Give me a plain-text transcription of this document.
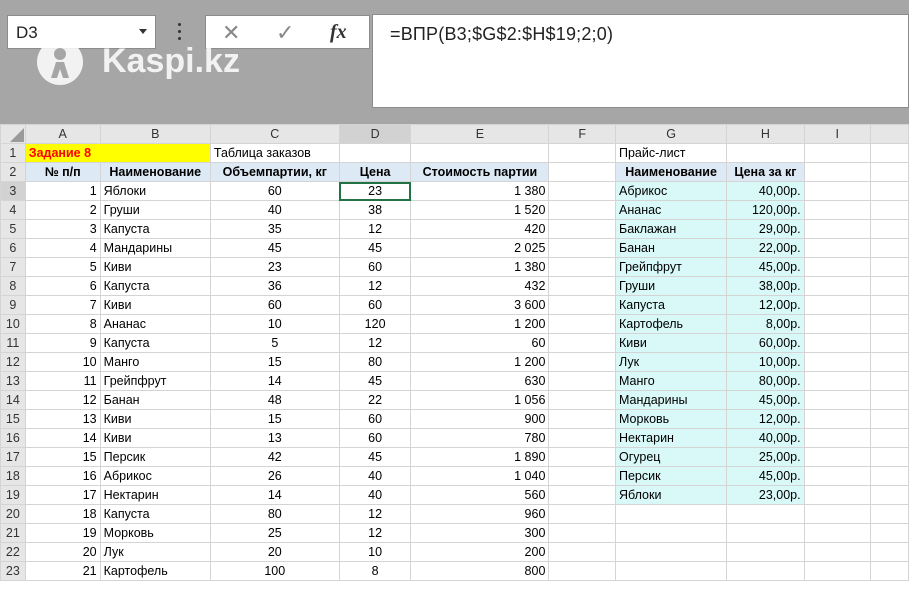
D3	✕ ✓ fx =ВПР(B3;$G$2:$H$19;2;0)
Kaspi.kz
	A	B	C	D	E	F	G	H	I	
1	Задание 8		Таблица заказов				Прайс-лист			
2	№ п/п	Наименование	Объемпартии, кг	Цена	Стоимость партии		Наименование	Цена за кг		
3	1	Яблоки	60	23	1 380		Абрикос	40,00р.		
4	2	Груши	40	38	1 520		Ананас	120,00р.		
5	3	Капуста	35	12	420		Баклажан	29,00р.		
6	4	Мандарины	45	45	2 025		Банан	22,00р.		
7	5	Киви	23	60	1 380		Грейпфрут	45,00р.		
8	6	Капуста	36	12	432		Груши	38,00р.		
9	7	Киви	60	60	3 600		Капуста	12,00р.		
10	8	Ананас	10	120	1 200		Картофель	8,00р.		
11	9	Капуста	5	12	60		Киви	60,00р.		
12	10	Манго	15	80	1 200		Лук	10,00р.		
13	11	Грейпфрут	14	45	630		Манго	80,00р.		
14	12	Банан	48	22	1 056		Мандарины	45,00р.		
15	13	Киви	15	60	900		Морковь	12,00р.		
16	14	Киви	13	60	780		Нектарин	40,00р.		
17	15	Персик	42	45	1 890		Огурец	25,00р.		
18	16	Абрикос	26	40	1 040		Персик	45,00р.		
19	17	Нектарин	14	40	560		Яблоки	23,00р.		
20	18	Капуста	80	12	960					
21	19	Морковь	25	12	300					
22	20	Лук	20	10	200					
23	21	Картофель	100	8	800					
